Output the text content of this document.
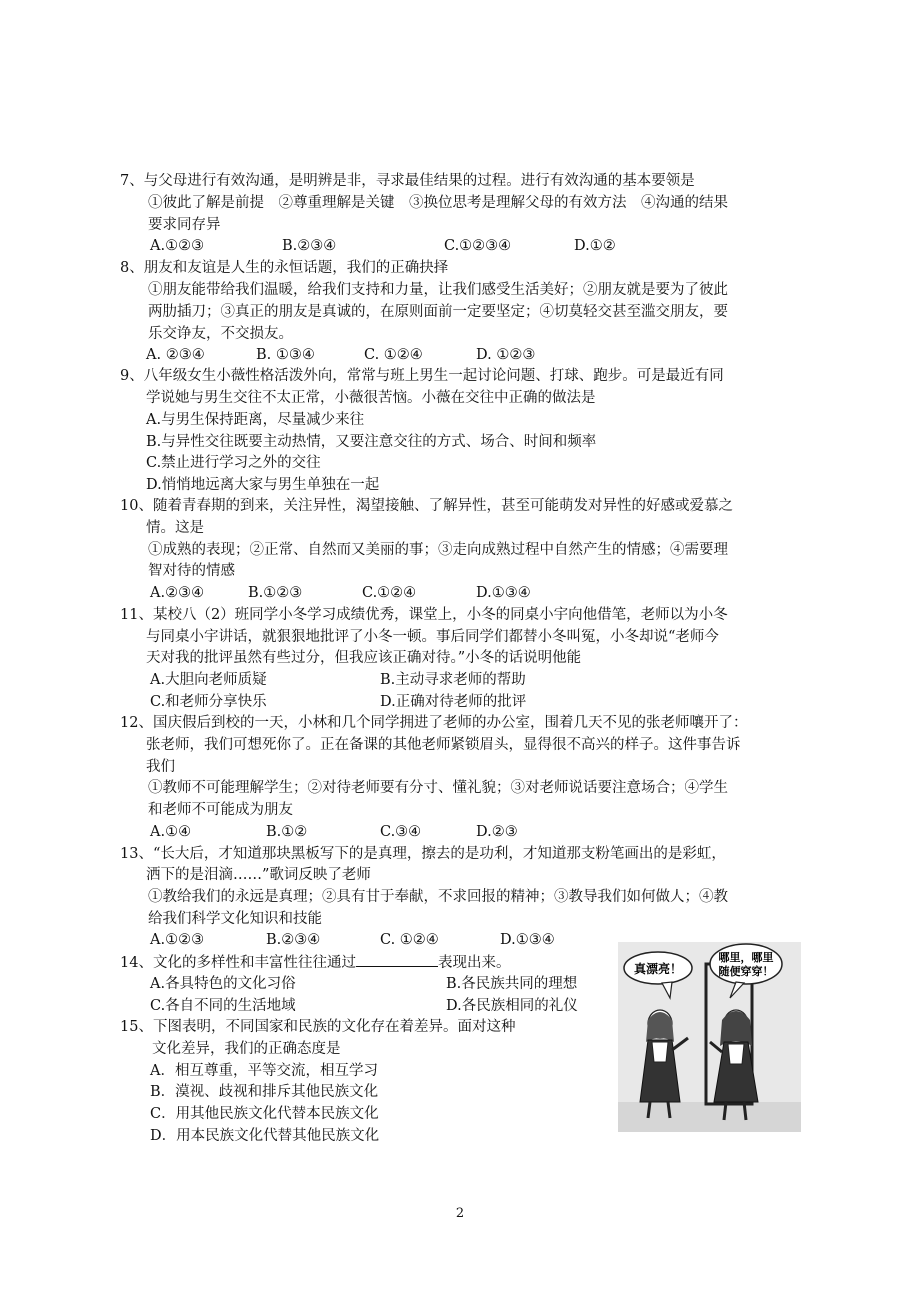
7、与父母进行有效沟通，是明辨是非，寻求最佳结果的过程。进行有效沟通的基本要领是
①彼此了解是前提　②尊重理解是关键　③换位思考是理解父母的有效方法　④沟通的结果
要求同存异
A.①②③	B.②③④	C.①②③④	D.①②
8、朋友和友谊是人生的永恒话题，我们的正确抉择
①朋友能带给我们温暖，给我们支持和力量，让我们感受生活美好；②朋友就是要为了彼此
两肋插刀；③真正的朋友是真诚的，在原则面前一定要坚定；④切莫轻交甚至滥交朋友，要
乐交诤友，不交损友。
A. ②③④	B. ①③④	C. ①②④	D. ①②③
9、八年级女生小薇性格活泼外向，常常与班上男生一起讨论问题、打球、跑步。可是最近有同
学说她与男生交往不太正常，小薇很苦恼。小薇在交往中正确的做法是
A.与男生保持距离，尽量减少来往
B.与异性交往既要主动热情，又要注意交往的方式、场合、时间和频率
C.禁止进行学习之外的交往
D.悄悄地远离大家与男生单独在一起
10、随着青春期的到来，关注异性，渴望接触、了解异性，甚至可能萌发对异性的好感或爱慕之
情。这是
①成熟的表现；②正常、自然而又美丽的事；③走向成熟过程中自然产生的情感；④需要理
智对待的情感
A.②③④	B.①②③	C.①②④	D.①③④
11、某校八（2）班同学小冬学习成绩优秀，课堂上，小冬的同桌小宇向他借笔，老师以为小冬
与同桌小宇讲话，就狠狠地批评了小冬一顿。事后同学们都替小冬叫冤，小冬却说“老师今
天对我的批评虽然有些过分，但我应该正确对待。”小冬的话说明他能
A.大胆向老师质疑	B.主动寻求老师的帮助
C.和老师分享快乐	D.正确对待老师的批评
12、国庆假后到校的一天，小林和几个同学拥进了老师的办公室，围着几天不见的张老师嚷开了：
张老师，我们可想死你了。正在备课的其他老师紧锁眉头，显得很不高兴的样子。这件事告诉
我们
①教师不可能理解学生；②对待老师要有分寸、懂礼貌；③对老师说话要注意场合；④学生
和老师不可能成为朋友
A.①④	B.①②	C.③④	D.②③
13、“长大后，才知道那块黑板写下的是真理，擦去的是功利，才知道那支粉笔画出的是彩虹，
洒下的是泪滴……”歌词反映了老师
①教给我们的永远是真理；②具有甘于奉献，不求回报的精神；③教导我们如何做人；④教
给我们科学文化知识和技能
A.①②③	B.②③④	C. ①②④	D.①③④
14、文化的多样性和丰富性往往通过	表现出来。
A.各具特色的文化习俗	B.各民族共同的理想
C.各自不同的生活地域	D.各民族相同的礼仪
15、下图表明，不同国家和民族的文化存在着差异。面对这种
文化差异，我们的正确态度是
A．相互尊重，平等交流，相互学习
B．漠视、歧视和排斥其他民族文化
C．用其他民族文化代替本民族文化
D．用本民族文化代替其他民族文化
真漂亮！
哪里，哪里
随便穿穿！
2
